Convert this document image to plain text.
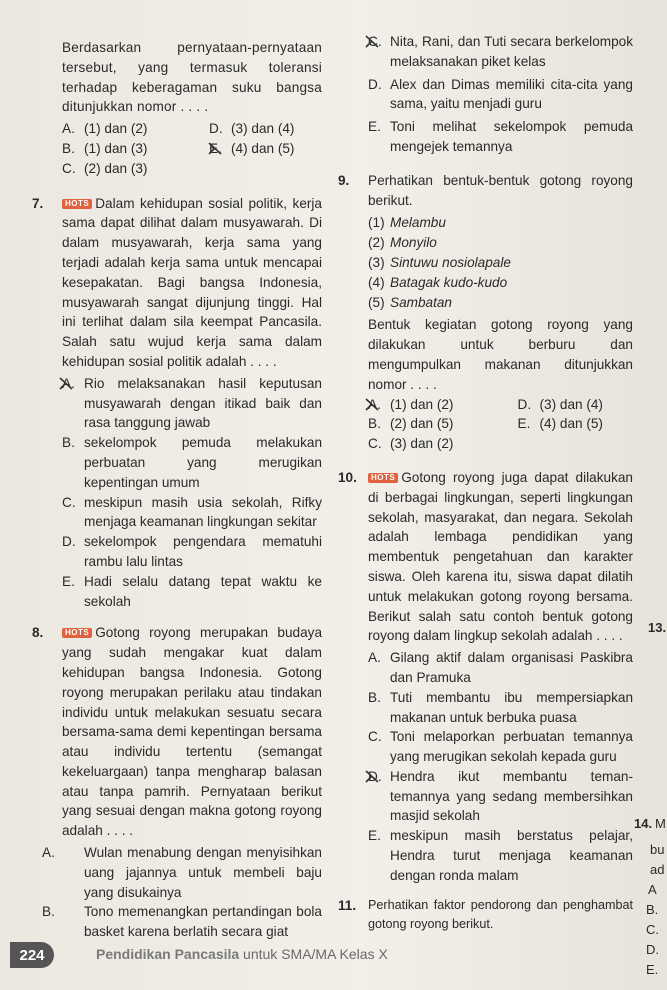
Berdasarkan pernyataan-pernyataan tersebut, yang termasuk toleransi terhadap keberagaman suku bangsa ditunjukkan nomor . . . .

A. (1) dan (2)	D. (3) dan (4)
B. (1) dan (3)	E. (4) dan (5)
C. (2) dan (3)
7.	HOTS Dalam kehidupan sosial politik, kerja sama dapat dilihat dalam musyawarah. Di dalam musyawarah, kerja sama yang terjadi adalah kerja sama untuk mencapai kesepakatan. Bagi bangsa Indonesia, musyawarah sangat dijunjung tinggi. Hal ini terlihat dalam sila keempat Pancasila. Salah satu wujud kerja sama dalam kehidupan sosial politik adalah . . . .

A. Rio melaksanakan hasil keputusan musyawarah dengan itikad baik dan rasa tanggung jawab
B. sekelompok pemuda melakukan perbuatan yang merugikan kepentingan umum
C. meskipun masih usia sekolah, Rifky menjaga keamanan lingkungan sekitar
D. sekelompok pengendara mematuhi rambu lalu lintas
E. Hadi selalu datang tepat waktu ke sekolah
8.	HOTS Gotong royong merupakan budaya yang sudah mengakar kuat dalam kehidupan bangsa Indonesia. Gotong royong merupakan perilaku atau tindakan individu untuk melakukan sesuatu secara bersama-sama demi kepentingan bersama atau individu tertentu (semangat kekeluargaan) tanpa mengharap balasan atau tanpa pamrih. Pernyataan berikut yang sesuai dengan makna gotong royong adalah . . . .

A. Wulan menabung dengan menyisihkan uang jajannya untuk membeli baju yang disukainya
B. Tono memenangkan pertandingan bola basket karena berlatih secara giat
C. Nita, Rani, dan Tuti secara berkelompok melaksanakan piket kelas
D. Alex dan Dimas memiliki cita-cita yang sama, yaitu menjadi guru
E. Toni melihat sekelompok pemuda mengejek temannya
9. Perhatikan bentuk-bentuk gotong royong berikut.

(1) Melambu
(2) Monyilo
(3) Sintuwu nosiolapale
(4) Batagak kudo-kudo
(5) Sambatan

Bentuk kegiatan gotong royong yang dilakukan untuk berburu dan mengumpulkan makanan ditunjukkan nomor . . . .

A. (1) dan (2)	D. (3) dan (4)
B. (2) dan (5)	E. (4) dan (5)
C. (3) dan (2)
10.	HOTS Gotong royong juga dapat dilakukan di berbagai lingkungan, seperti lingkungan sekolah, masyarakat, dan negara. Sekolah adalah lembaga pendidikan yang membentuk pengetahuan dan karakter siswa. Oleh karena itu, siswa dapat dilatih untuk melakukan gotong royong bersama. Berikut salah satu contoh bentuk gotong royong dalam lingkup sekolah adalah . . . .

A. Gilang aktif dalam organisasi Paskibra dan Pramuka
B. Tuti membantu ibu mempersiapkan makanan untuk berbuka puasa
C. Toni melaporkan perbuatan temannya yang merugikan sekolah kepada guru
D. Hendra ikut membantu teman-temannya yang sedang membersihkan masjid sekolah
E. meskipun masih berstatus pelajar, Hendra turut menjaga keamanan dengan ronda malam
11. Perhatikan faktor pendorong dan penghambat gotong royong berikut.

13.
14. M
bu
ad
A
B.
C.
D.
E.
224	Pendidikan Pancasila untuk SMA/MA Kelas X
